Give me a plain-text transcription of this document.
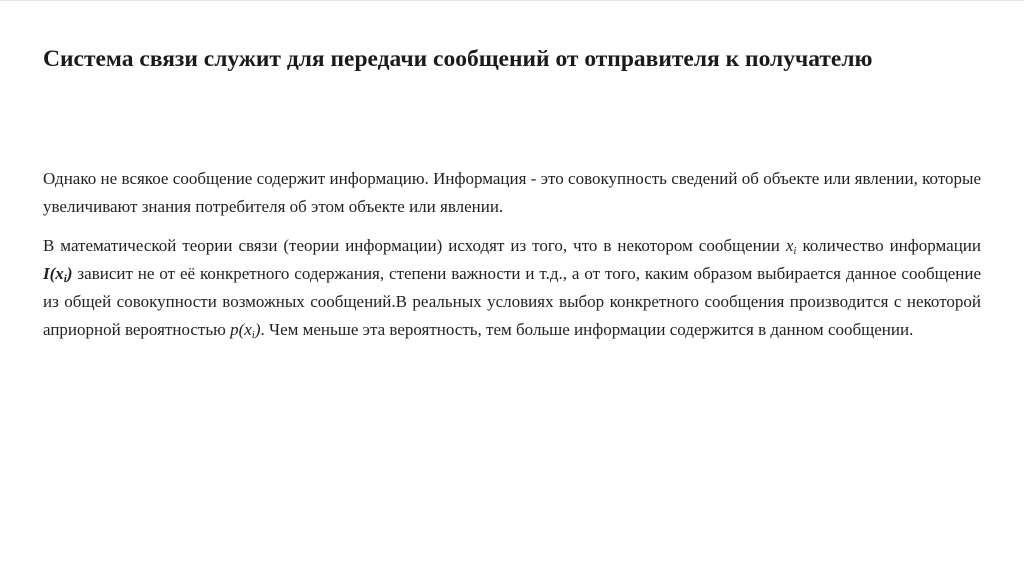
Система связи служит для передачи сообщений от отправителя к получателю

Однако не всякое сообщение содержит информацию. Информация - это совокупность сведений об объекте или явлении, которые увеличивают знания потребителя об этом объекте или явлении.

В математической теории связи (теории информации) исходят из того, что в некотором сообщении $x_i$ количество информации $I(x_i)$ зависит не от её конкретного содержания, степени важности и т.д., а от того, каким образом выбирается данное сообщение из общей совокупности возможных сообщений.В реальных условиях выбор конкретного сообщения производится с некоторой априорной вероятностью $p(x_i)$. Чем меньше эта вероятность, тем больше информации содержится в данном сообщении.
